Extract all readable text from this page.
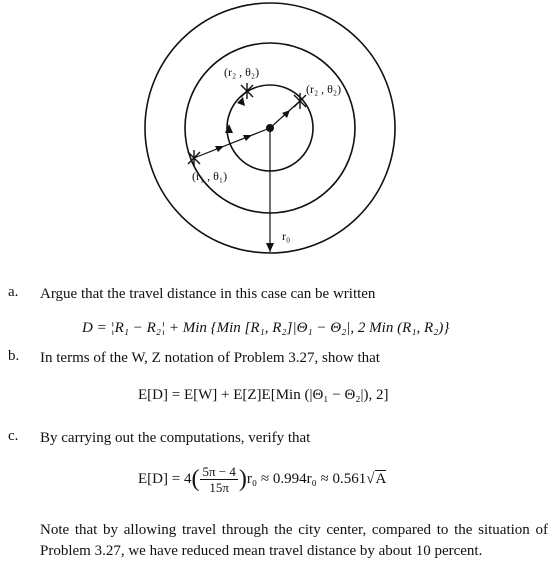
(r₂ , θ₂)
(r₂ , θ₂)
(r₁ , θ₁)
r₀
a. Argue that the travel distance in this case can be written
D = ¦R₁ − R₂¦ + Min {Min [R₁, R₂]|Θ₁ − Θ₂|, 2 Min (R₁, R₂)}
b. In terms of the W, Z notation of Problem 3.27, show that
E[D] = E[W] + E[Z]E[Min (|Θ₁ − Θ₂|), 2]
c. By carrying out the computations, verify that
$E[D] = 4( \frac{5\pi - 4}{15\pi} )r_0 \approx 0.994r_0 \approx 0.561√A$
Note that by allowing travel through the city center, compared to the situation of Problem 3.27, we have reduced mean travel distance by about 10 percent.
